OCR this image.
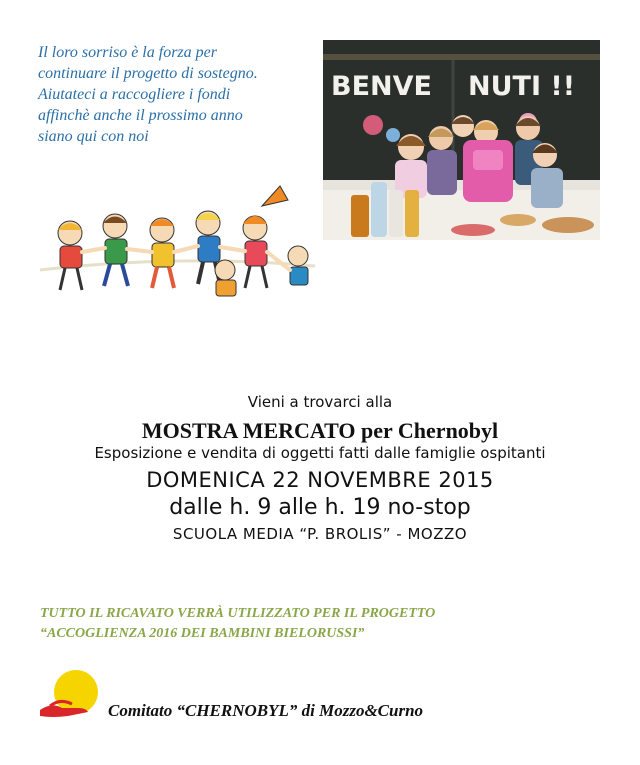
Il loro sorriso è la forza per
continuare il progetto di sostegno.
Aiutateci a raccogliere i fondi
affinchè anche il prossimo anno
siano qui con noi
BENVE NUTI !!
Vieni a trovarci alla
MOSTRA MERCATO per Chernobyl
Esposizione e vendita di oggetti fatti dalle famiglie ospitanti
DOMENICA 22 NOVEMBRE 2015
dalle h. 9 alle h. 19 no-stop
SCUOLA MEDIA “P. BROLIS” - MOZZO
TUTTO IL RICAVATO VERRÀ UTILIZZATO PER IL PROGETTO
“ACCOGLIENZA 2016 DEI BAMBINI BIELORUSSI”
Comitato “CHERNOBYL” di Mozzo&Curno
